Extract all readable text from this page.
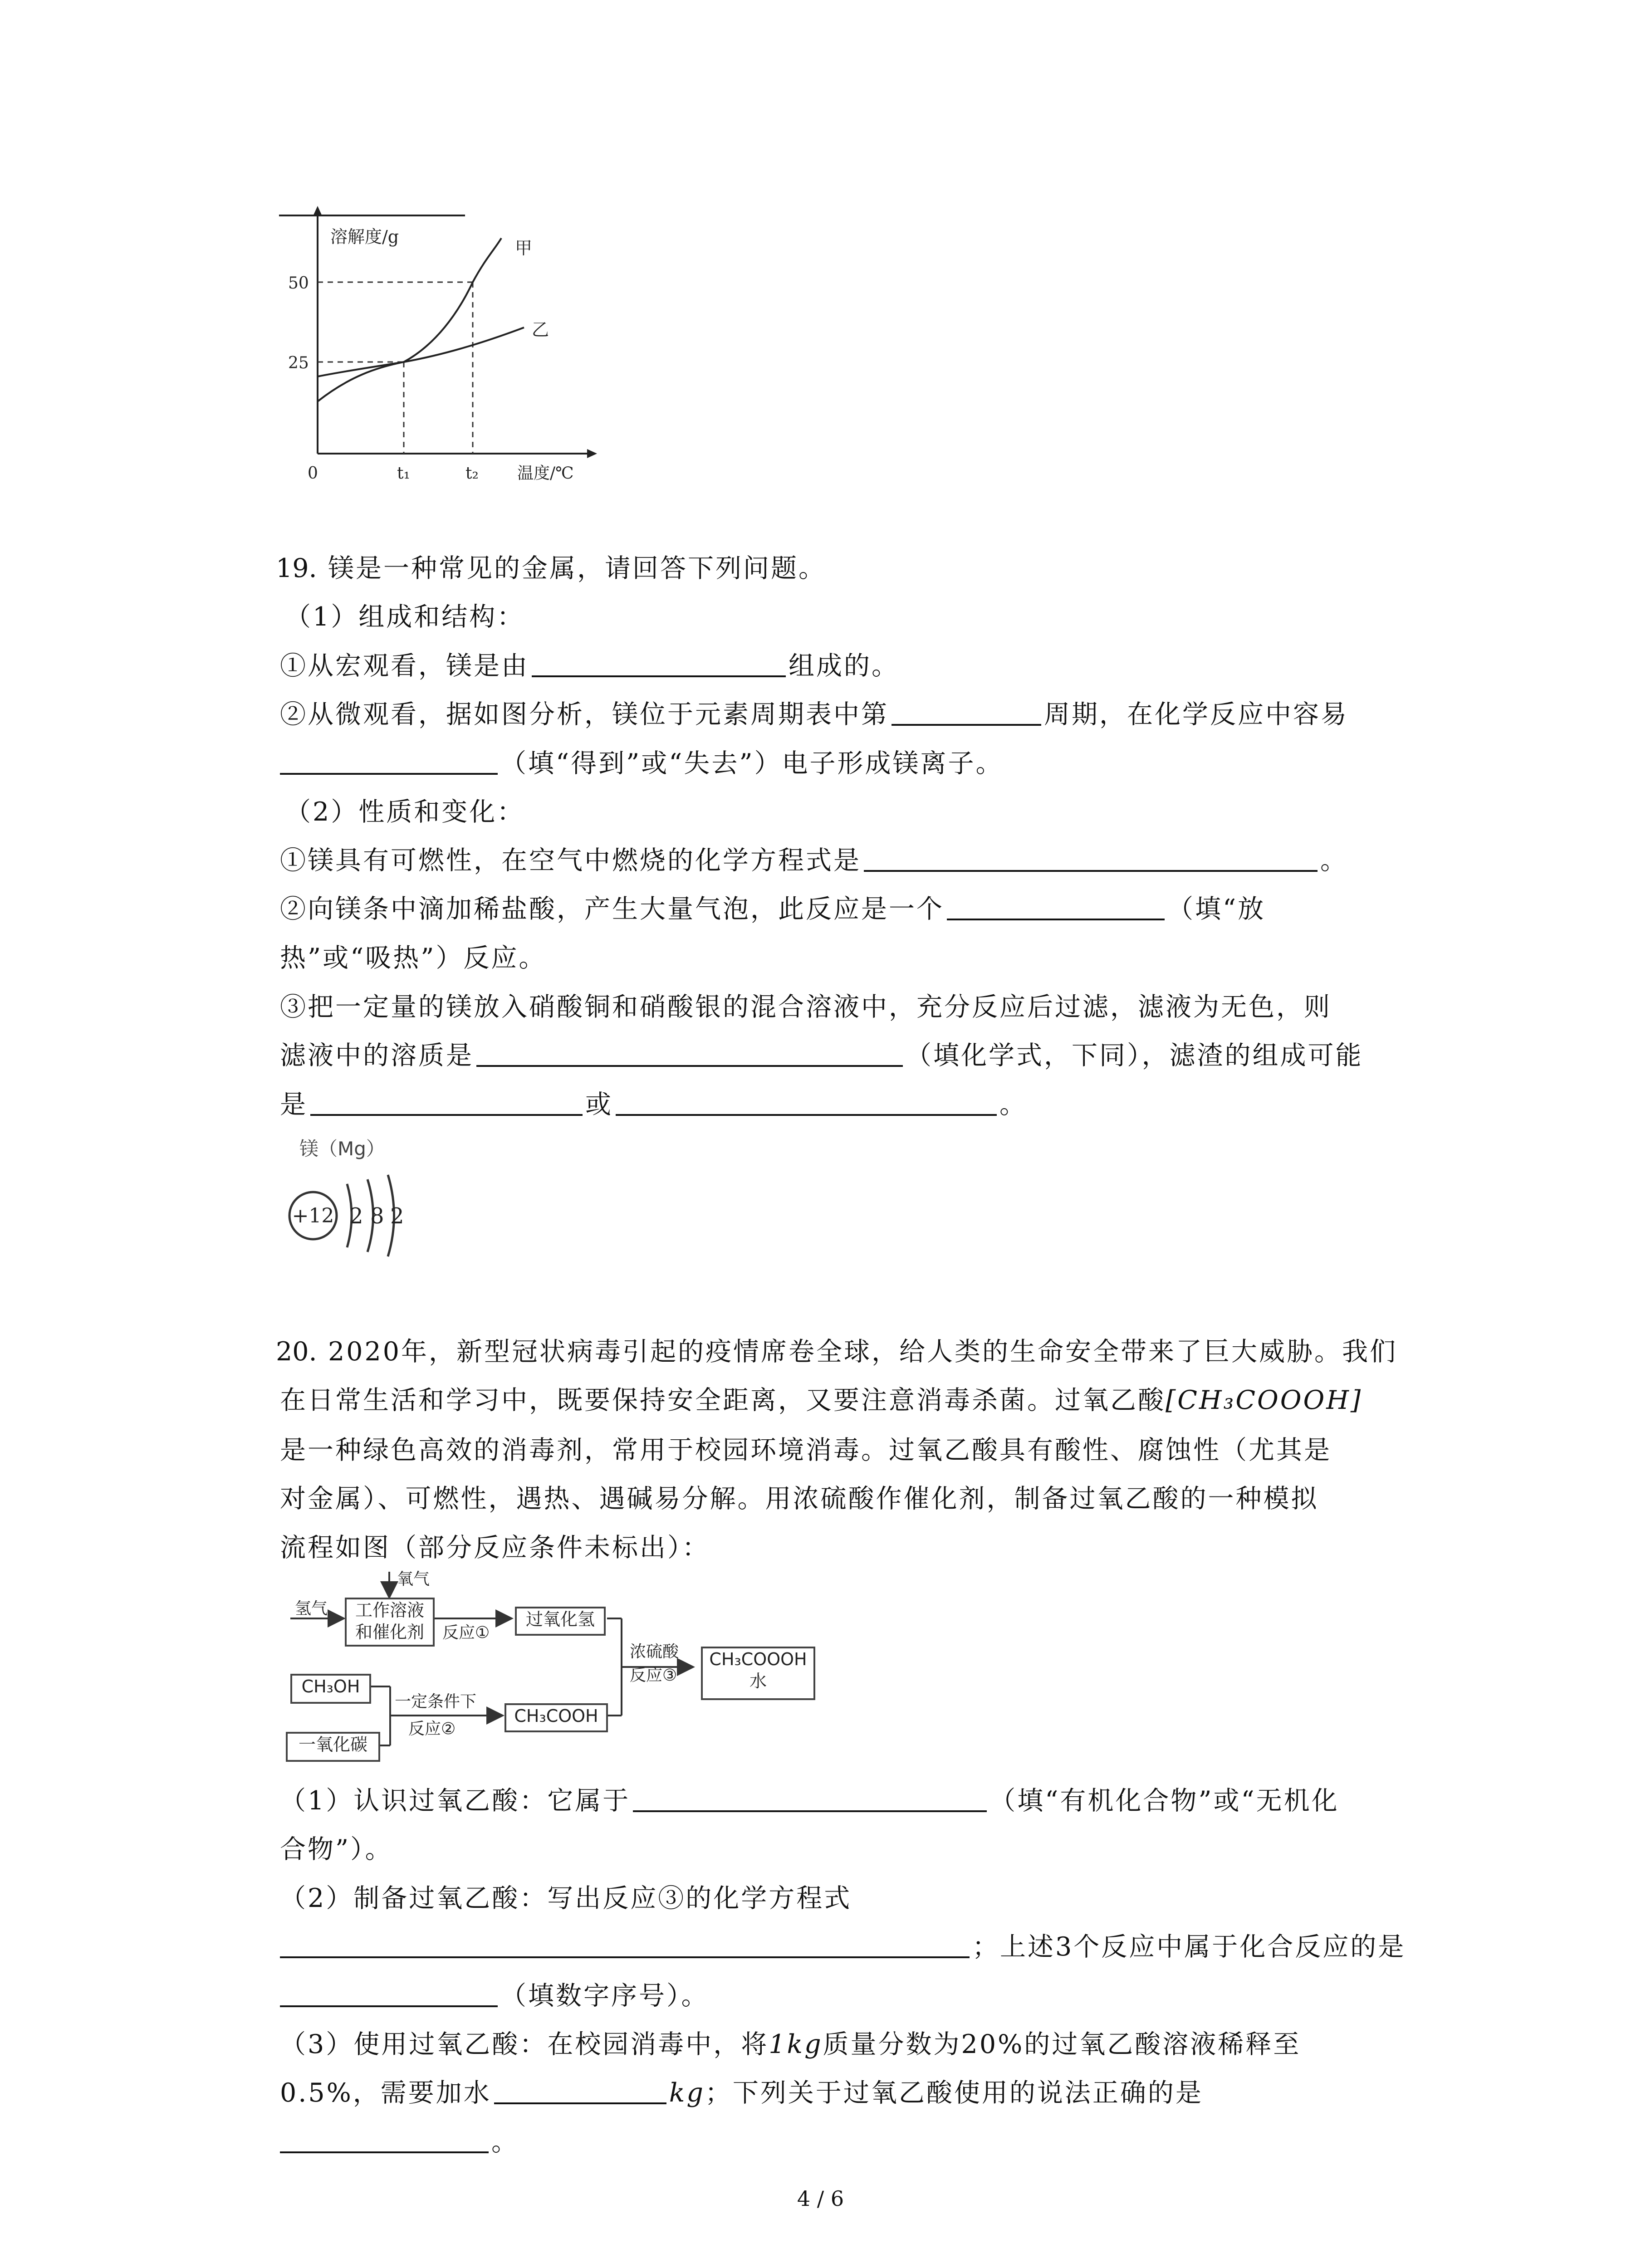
溶解度/g
甲
乙
50
25
0	t₁	t₂ 温度/℃
19. 镁是一种常见的金属，请回答下列问题。
（1）组成和结构：
①从宏观看，镁是由	组成的。
②从微观看，据如图分析，镁位于元素周期表中第	周期，在化学反应中容易
（填“得到”或“失去”）电子形成镁离子。
（2）性质和变化：
①镁具有可燃性，在空气中燃烧的化学方程式是	。
②向镁条中滴加稀盐酸，产生大量气泡，此反应是一个	（填“放
热”或“吸热”）反应。
③把一定量的镁放入硝酸铜和硝酸银的混合溶液中，充分反应后过滤，滤液为无色，则
滤液中的溶质是	（填化学式，下同），滤渣的组成可能
是	或	。
镁（Mg）
+12 2 8 2
20. 2020年，新型冠状病毒引起的疫情席卷全球，给人类的生命安全带来了巨大威胁。我们
在日常生活和学习中，既要保持安全距离，又要注意消毒杀菌。过氧乙酸[CH₃COOOH]
是一种绿色高效的消毒剂，常用于校园环境消毒。过氧乙酸具有酸性、腐蚀性（尤其是
对金属）、可燃性，遇热、遇碱易分解。用浓硫酸作催化剂，制备过氧乙酸的一种模拟
流程如图（部分反应条件未标出）：
氧气
氢气	工作溶液
和催化剂	反应①
过氧化氢
浓硫酸
反应③
CH₃COOOH
水
CH₃OH
一定条件下
反应②
CH₃COOH
一氧化碳
（1）认识过氧乙酸：它属于	（填“有机化合物”或“无机化
合物”）。
（2）制备过氧乙酸：写出反应③的化学方程式
；上述3个反应中属于化合反应的是
（填数字序号）。
（3）使用过氧乙酸：在校园消毒中，将1kg质量分数为20%的过氧乙酸溶液稀释至
0.5%，需要加水	kg；下列关于过氧乙酸使用的说法正确的是
。
4 / 6
